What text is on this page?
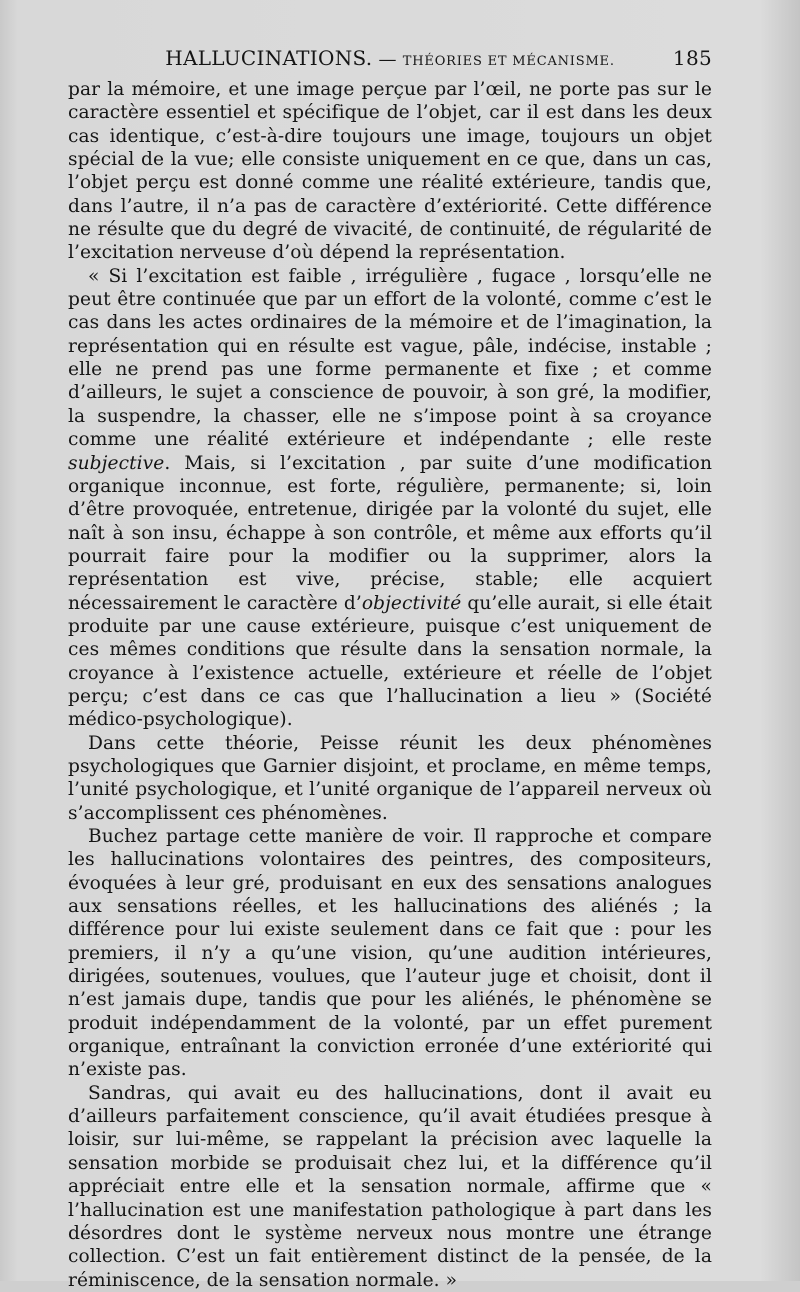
HALLUCINATIONS. — THÉORIES ET MÉCANISME.	185

par la mémoire, et une image perçue par l’œil, ne porte pas sur le caractère essentiel et spécifique de l’objet, car il est dans les deux cas identique, c’est-à-dire toujours une image, toujours un objet spécial de la vue; elle consiste uniquement en ce que, dans un cas, l’objet perçu est donné comme une réalité extérieure, tandis que, dans l’autre, il n’a pas de caractère d’extériorité. Cette différence ne résulte que du degré de vivacité, de continuité, de régularité de l’excitation nerveuse d’où dépend la représentation.

« Si l’excitation est faible , irrégulière , fugace , lorsqu’elle ne peut être continuée que par un effort de la volonté, comme c’est le cas dans les actes ordinaires de la mémoire et de l’imagination, la représentation qui en résulte est vague, pâle, indécise, instable ; elle ne prend pas une forme permanente et fixe ; et comme d’ailleurs, le sujet a conscience de pouvoir, à son gré, la modifier, la suspendre, la chasser, elle ne s’impose point à sa croyance comme une réalité extérieure et indépendante ; elle reste subjective. Mais, si l’excitation , par suite d’une modification organique inconnue, est forte, régulière, permanente; si, loin d’être provoquée, entretenue, dirigée par la volonté du sujet, elle naît à son insu, échappe à son contrôle, et même aux efforts qu’il pourrait faire pour la modifier ou la supprimer, alors la représentation est vive, précise, stable; elle acquiert nécessairement le caractère d’objectivité qu’elle aurait, si elle était produite par une cause extérieure, puisque c’est uniquement de ces mêmes conditions que résulte dans la sensation normale, la croyance à l’existence actuelle, extérieure et réelle de l’objet perçu; c’est dans ce cas que l’hallucination a lieu » (Société médico-psychologique).

Dans cette théorie, Peisse réunit les deux phénomènes psychologiques que Garnier disjoint, et proclame, en même temps, l’unité psychologique, et l’unité organique de l’appareil nerveux où s’accomplissent ces phénomènes.

Buchez partage cette manière de voir. Il rapproche et compare les hallucinations volontaires des peintres, des compositeurs, évoquées à leur gré, produisant en eux des sensations analogues aux sensations réelles, et les hallucinations des aliénés ; la différence pour lui existe seulement dans ce fait que : pour les premiers, il n’y a qu’une vision, qu’une audition intérieures, dirigées, soutenues, voulues, que l’auteur juge et choisit, dont il n’est jamais dupe, tandis que pour les aliénés, le phénomène se produit indépendamment de la volonté, par un effet purement organique, entraînant la conviction erronée d’une extériorité qui n’existe pas.

Sandras, qui avait eu des hallucinations, dont il avait eu d’ailleurs parfaitement conscience, qu’il avait étudiées presque à loisir, sur lui-même, se rappelant la précision avec laquelle la sensation morbide se produisait chez lui, et la différence qu’il appréciait entre elle et la sensation normale, affirme que « l’hallucination est une manifestation pathologique à part dans les désordres dont le système nerveux nous montre une étrange collection. C’est un fait entièrement distinct de la pensée, de la réminiscence, de la sensation normale. »
